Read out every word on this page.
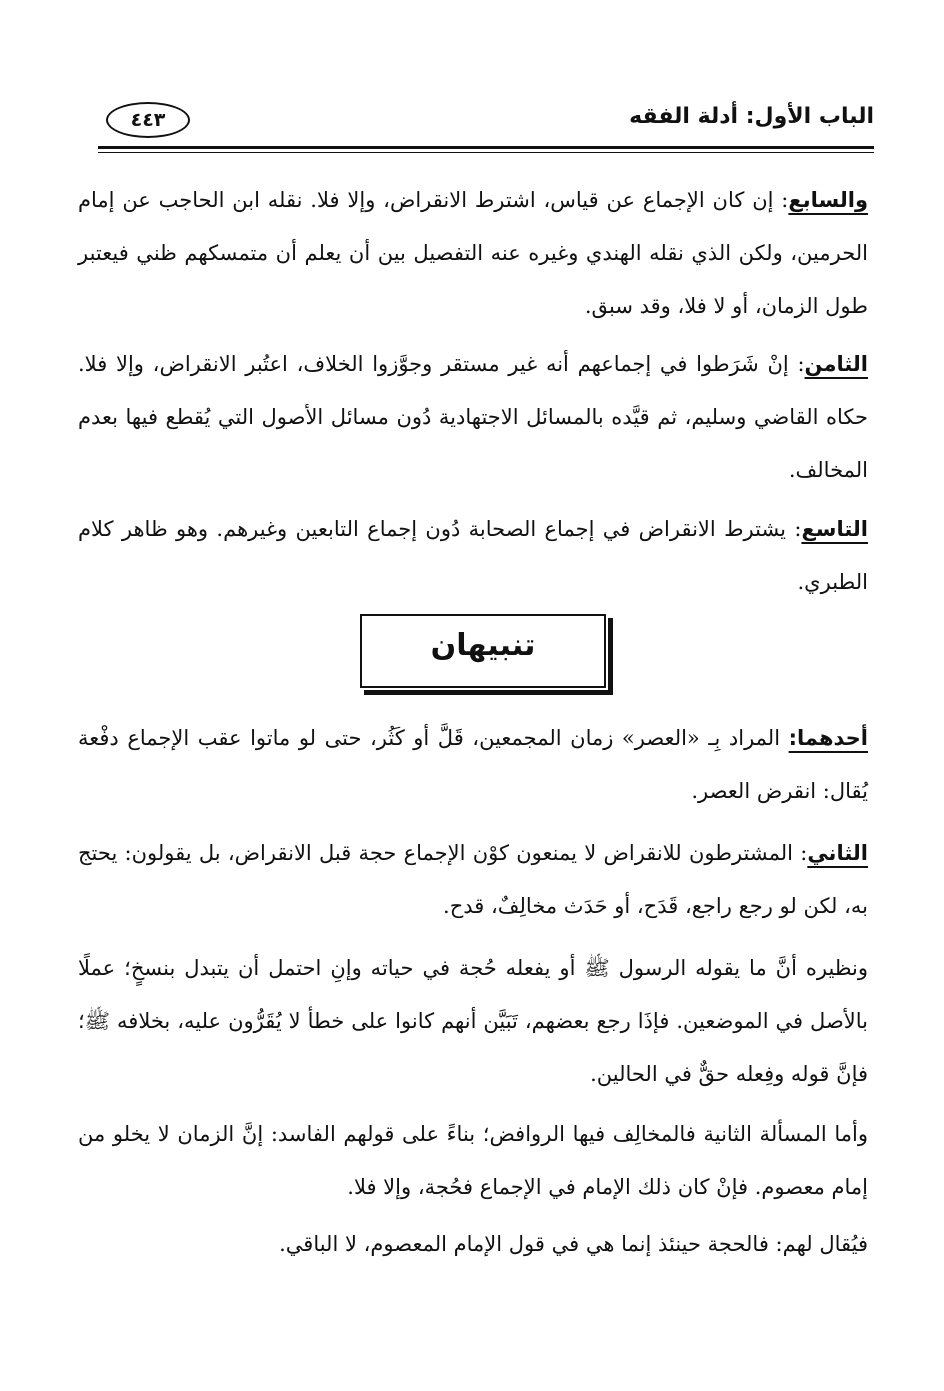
الباب الأول: أدلة الفقه
٤٤٣
والسابع: إن كان الإجماع عن قياس، اشترط الانقراض، وإلا فلا. نقله ابن الحاجب عن إمام الحرمين، ولكن الذي نقله الهندي وغيره عنه التفصيل بين أن يعلم أن متمسكهم ظني فيعتبر طول الزمان، أو لا فلا، وقد سبق.
الثامن: إنْ شَرَطوا في إجماعهم أنه غير مستقر وجوَّزوا الخلاف، اعتُبر الانقراض، وإلا فلا. حكاه القاضي وسليم، ثم قيَّده بالمسائل الاجتهادية دُون مسائل الأصول التي يُقطع فيها بعدم المخالف.
التاسع: يشترط الانقراض في إجماع الصحابة دُون إجماع التابعين وغيرهم. وهو ظاهر كلام الطبري.
تنبيهان
أحدهما: المراد بِـ «العصر» زمان المجمعين، قَلَّ أو كَثُر، حتى لو ماتوا عقب الإجماع دفْعة يُقال: انقرض العصر.
الثاني: المشترطون للانقراض لا يمنعون كوْن الإجماع حجة قبل الانقراض، بل يقولون: يحتج به، لكن لو رجع راجع، قَدَح، أو حَدَث مخالِفٌ، قدح.
ونظيره أنَّ ما يقوله الرسول ﷺ أو يفعله حُجة في حياته وإنِ احتمل أن يتبدل بنسخٍ؛ عملًا بالأصل في الموضعين. فإذَا رجع بعضهم، تَبَيَّن أنهم كانوا على خطأ لا يُقَرُّون عليه، بخلافه ﷺ؛ فإنَّ قوله وفِعله حقٌّ في الحالين.
وأما المسألة الثانية فالمخالِف فيها الروافض؛ بناءً على قولهم الفاسد: إنَّ الزمان لا يخلو من إمام معصوم. فإنْ كان ذلك الإمام في الإجماع فحُجة، وإلا فلا.
فيُقال لهم: فالحجة حينئذ إنما هي في قول الإمام المعصوم، لا الباقي.
